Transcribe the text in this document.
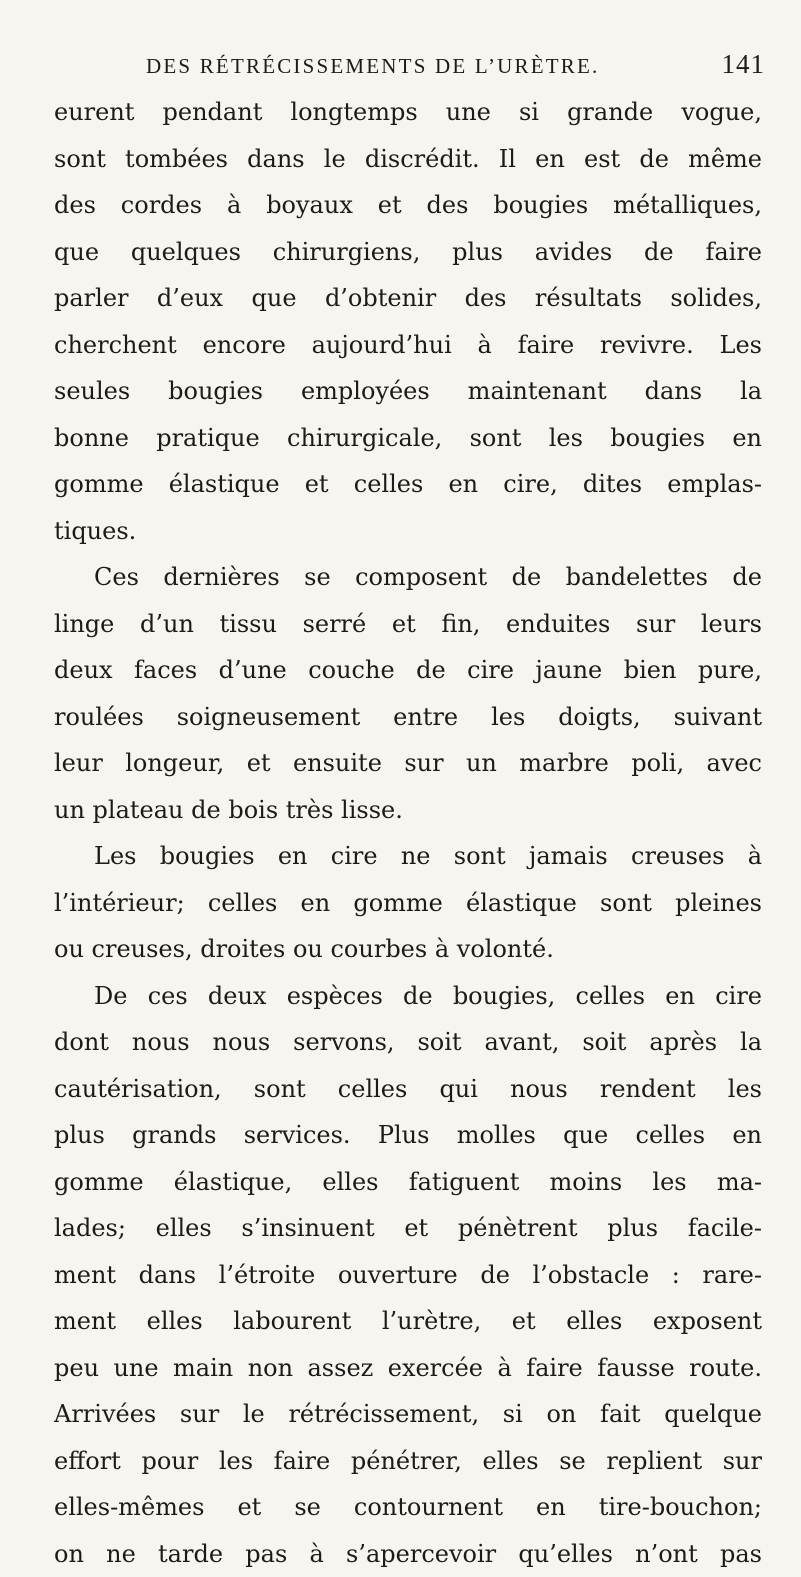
DES RÉTRÉCISSEMENTS DE L’URÈTRE.	141
eurent pendant longtemps une si grande vogue,
sont tombées dans le discrédit. Il en est de même
des cordes à boyaux et des bougies métalliques,
que quelques chirurgiens, plus avides de faire
parler d’eux que d’obtenir des résultats solides,
cherchent encore aujourd’hui à faire revivre. Les
seules bougies employées maintenant dans la
bonne pratique chirurgicale, sont les bougies en
gomme élastique et celles en cire, dites emplas-
tiques.
Ces dernières se composent de bandelettes de
linge d’un tissu serré et fin, enduites sur leurs
deux faces d’une couche de cire jaune bien pure,
roulées soigneusement entre les doigts, suivant
leur longeur, et ensuite sur un marbre poli, avec
un plateau de bois très lisse.
Les bougies en cire ne sont jamais creuses à
l’intérieur; celles en gomme élastique sont pleines
ou creuses, droites ou courbes à volonté.
De ces deux espèces de bougies, celles en cire
dont nous nous servons, soit avant, soit après la
cautérisation, sont celles qui nous rendent les
plus grands services. Plus molles que celles en
gomme élastique, elles fatiguent moins les ma-
lades; elles s’insinuent et pénètrent plus facile-
ment dans l’étroite ouverture de l’obstacle : rare-
ment elles labourent l’urètre, et elles exposent
peu une main non assez exercée à faire fausse route.
Arrivées sur le rétrécissement, si on fait quelque
effort pour les faire pénétrer, elles se replient sur
elles-mêmes et se contournent en tire-bouchon;
on ne tarde pas à s’apercevoir qu’elles n’ont pas
